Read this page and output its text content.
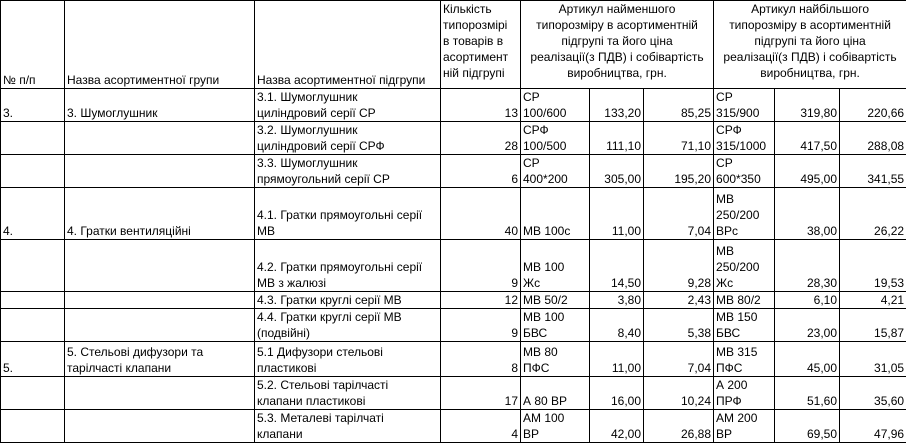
№ п/п	Назва асортиментної групи	Назва асортиментної підгрупи	Кількість
типорозмірі
в товарів в
асортимент
ній підгрупі	Артикул найменшого
типорозміру в асортиментній
підгрупі та його ціна
реалізації(з ПДВ) і собівартість
виробництва, грн.			Артикул найбільшого
типорозміру в асортиментній
підгрупі та його ціна
реалізації(з ПДВ) і собівартість
виробництва, грн.		

3.	3. Шумоглушник	3.1. Шумоглушник
циліндровий серії СР	13	СР
100/600	133,20	85,25	СР
315/900	319,80	220,66

		3.2. Шумоглушник
циліндровий серії СРФ	28	СРФ
100/500	111,10	71,10	СРФ
315/1000	417,50	288,08

		3.3. Шумоглушник
прямоугольний серії СР	6	СР
400*200	305,00	195,20	СР
600*350	495,00	341,55
4.	4. Гратки вентиляційні	4.1. Гратки прямоугольні серії
МВ	40	МВ 100с	11,00	7,04	МВ
250/200
ВРс	38,00	26,22

		4.2. Гратки прямоугольні серії
МВ з жалюзі	9	МВ 100
Жс	14,50	9,28	МВ
250/200
Жс	28,30	19,53

		4.3. Гратки круглі серії МВ	12	МВ 50/2	3,80	2,43	МВ 80/2	6,10	4,21

		4.4. Гратки круглі серії МВ
(подвійні)	9	МВ 100
БВС	8,40	5,38	МВ 150
БВС	23,00	15,87
5.	5. Стельові дифузори та
тарілчасті клапани	5.1 Дифузори стельові
пластикові	8	МВ 80
ПФС	11,00	7,04	МВ 315
ПФС	45,00	31,05

		5.2. Стельові тарілчасті
клапани пластикові	17	А 80 ВР	16,00	10,24	А 200
ПРФ	51,60	35,60

		5.3. Металеві тарілчаті
клапани	4	АМ 100
ВР	42,00	26,88	АМ 200
ВР	69,50	47,96
